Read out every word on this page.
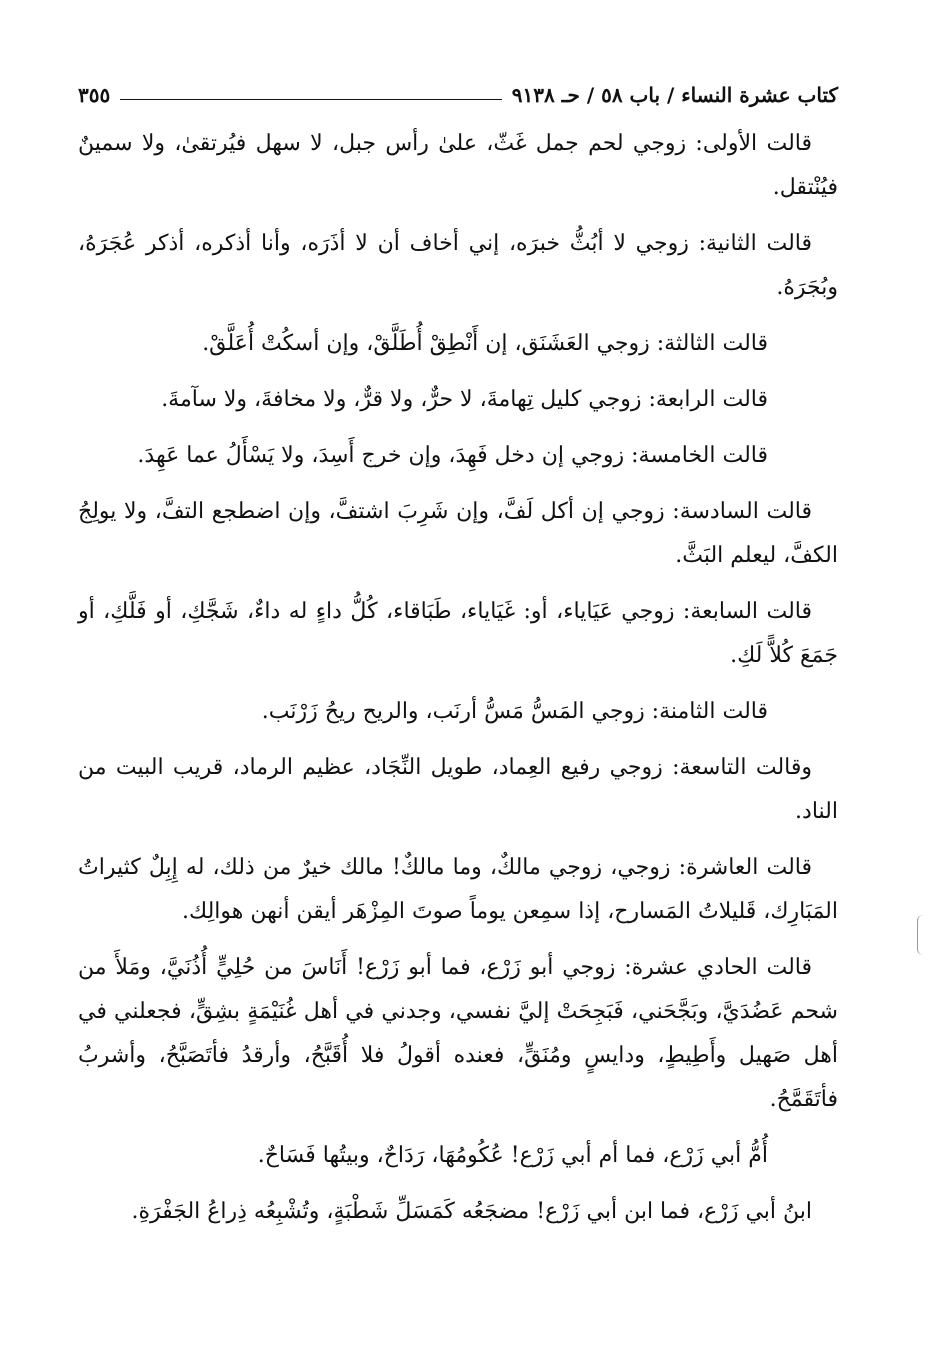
كتاب عشرة النساء / باب ٥٨ / حـ ٩١٣٨
٣٥٥

قالت الأولى: زوجي لحم جمل غَثّ، علىٰ رأس جبل، لا سهل فيُرتقىٰ، ولا سمينٌ فيُنْتقل.

قالت الثانية: زوجي لا أبُثُّ خبرَه، إني أخاف أن لا أذَرَه، وأنا أذكره، أذكر عُجَرَهُ، وبُجَرَهُ.

قالت الثالثة: زوجي العَشَنَق، إن أَنْطِقْ أُطَلَّقْ، وإن أسكُتْ أُعَلَّقْ.

قالت الرابعة: زوجي كليل تِهامةَ، لا حرٌّ، ولا قرٌّ، ولا مخافةَ، ولا سآمةَ.

قالت الخامسة: زوجي إن دخل فَهِدَ، وإن خرج أَسِدَ، ولا يَسْأَلُ عما عَهِدَ.

قالت السادسة: زوجي إن أكل لَفَّ، وإن شَرِبَ اشتفَّ، وإن اضطجع التفَّ، ولا يولِجُ الكفَّ، ليعلم البَثَّ.

قالت السابعة: زوجي عَيَاياء، أو: غَيَاياء، طَبَاقاء، كُلُّ داءٍ له داءٌ، شَجَّكِ، أو فَلَّكِ، أو جَمَعَ كُلاًّ لَكِ.

قالت الثامنة: زوجي المَسُّ مَسُّ أرنَب، والريح ريحُ زَرْنَب.

وقالت التاسعة: زوجي رفيع العِماد، طويل النِّجَاد، عظيم الرماد، قريب البيت من الناد.

قالت العاشرة: زوجي، زوجي مالكٌ، وما مالكٌ! مالك خيرٌ من ذلك، له إِبِلٌ كثيراتُ المَبَارِك، قَليلاتُ المَسارح، إذا سمِعن يوماً صوتَ المِزْهَر أيقن أنهن هوالِك.

قالت الحادي عشرة: زوجي أبو زَرْع، فما أبو زَرْع! أَنَاسَ من حُلِيٍّ أُذُنَيَّ، ومَلأَ من شحم عَضُدَيَّ، وبَجَّحَني، فَبَجِحَتْ إليَّ نفسي، وجدني في أهل غُنَيْمَةٍ بشِقٍّ، فجعلني في أهل صَهيل وأَطِيطٍ، ودايسٍ ومُنَقٍّ، فعنده أقولُ فلا أُقَبَّحُ، وأرقدُ فأتَصَبَّحُ، وأشربُ فأتَقَمَّحُ.

أُمُّ أبي زَرْع، فما أم أبي زَرْع! عُكُومُهَا، رَدَاحٌ، وبيتُها فَسَاحٌ.

ابنُ أبي زَرْع، فما ابن أبي زَرْع! مضجَعُه كَمَسَلِّ شَطْبَةٍ، وتُشْبِعُه ذِراعُ الجَفْرَةِ.
